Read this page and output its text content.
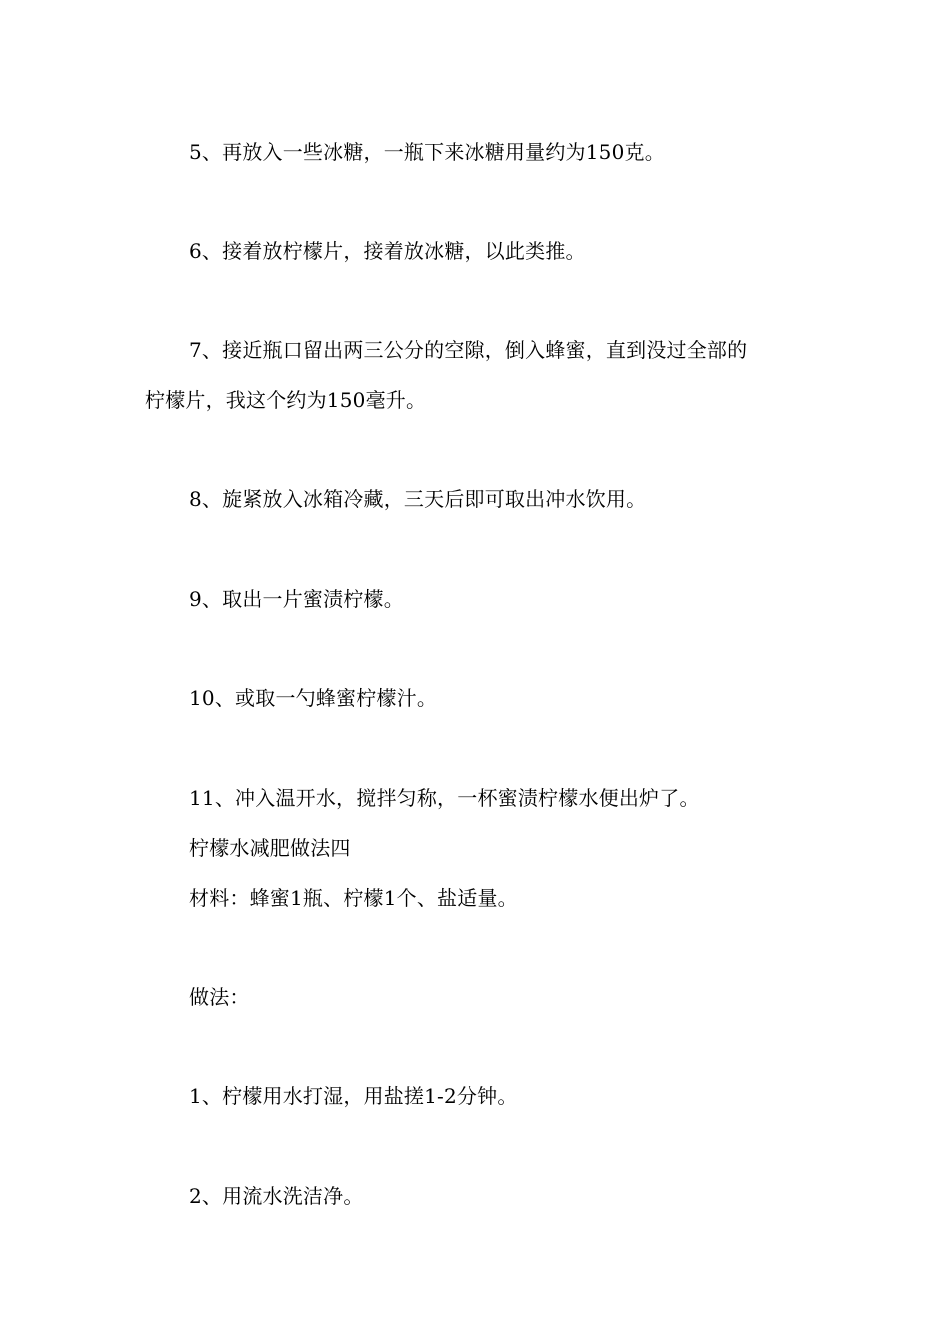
5、再放入一些冰糖，一瓶下来冰糖用量约为150克。
6、接着放柠檬片，接着放冰糖，以此类推。
7、接近瓶口留出两三公分的空隙，倒入蜂蜜，直到没过全部的
柠檬片，我这个约为150毫升。
8、旋紧放入冰箱冷藏，三天后即可取出冲水饮用。
9、取出一片蜜渍柠檬。
10、或取一勺蜂蜜柠檬汁。
11、冲入温开水，搅拌匀称，一杯蜜渍柠檬水便出炉了。
柠檬水减肥做法四
材料：蜂蜜1瓶、柠檬1个、盐适量。
做法：
1、柠檬用水打湿，用盐搓1-2分钟。
2、用流水洗洁净。
